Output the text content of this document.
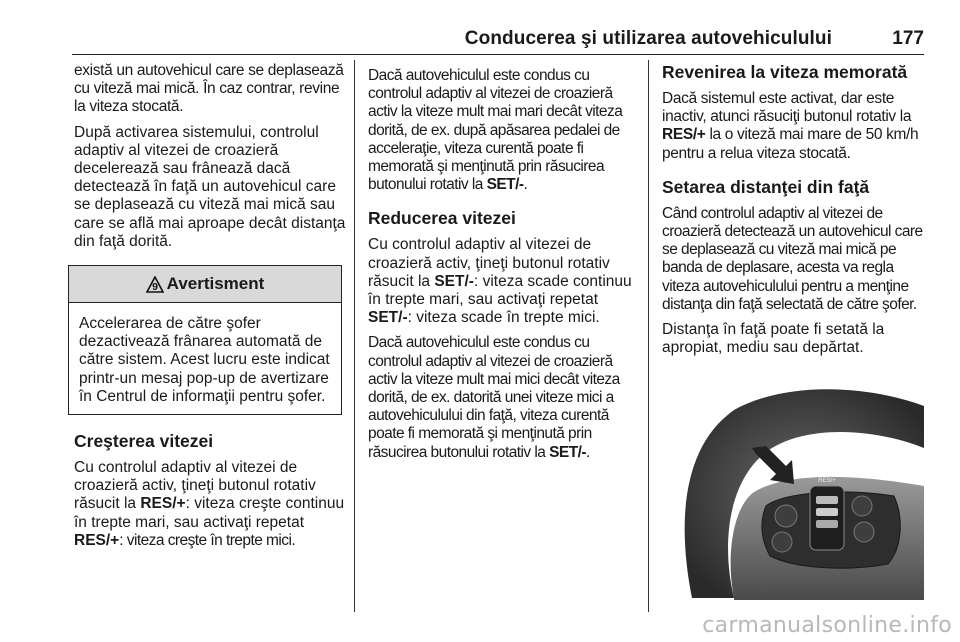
Conducerea şi utilizarea autovehiculului	177

există un autovehicul care se deplasează cu viteză mai mică. În caz contrar, revine la viteza stocată.

După activarea sistemului, controlul adaptiv al vitezei de croazieră decelerează sau frânează dacă detectează în faţă un autovehicul care se deplasează cu viteză mai mică sau care se află mai aproape decât distanţa din faţă dorită.

9 Avertisment
Accelerarea de către şofer dezactivează frânarea automată de către sistem. Acest lucru este indicat printr-un mesaj pop-up de avertizare în Centrul de informaţii pentru şofer.
Creşterea vitezei

Cu controlul adaptiv al vitezei de croazieră activ, ţineţi butonul rotativ răsucit la RES/+: viteza creşte continuu în trepte mari, sau activaţi repetat RES/+: viteza creşte în trepte mici.

Dacă autovehiculul este condus cu controlul adaptiv al vitezei de croazieră activ la viteze mult mai mari decât viteza dorită, de ex. după apăsarea pedalei de acceleraţie, viteza curentă poate fi memorată şi menţinută prin răsucirea butonului rotativ la SET/-.

Reducerea vitezei

Cu controlul adaptiv al vitezei de croazieră activ, ţineţi butonul rotativ răsucit la SET/-: viteza scade continuu în trepte mari, sau activaţi repetat SET/-: viteza scade în trepte mici.

Dacă autovehiculul este condus cu controlul adaptiv al vitezei de croazieră activ la viteze mult mai mici decât viteza dorită, de ex. datorită unei viteze mici a autovehiculului din faţă, viteza curentă poate fi memorată şi menţinută prin răsucirea butonului rotativ la SET/-.

Revenirea la viteza memorată

Dacă sistemul este activat, dar este inactiv, atunci răsuciţi butonul rotativ la RES/+ la o viteză mai mare de 50 km/h pentru a relua viteza stocată.

Setarea distanţei din faţă

Când controlul adaptiv al vitezei de croazieră detectează un autovehicul care se deplasează cu viteză mai mică pe banda de deplasare, acesta va regla viteza autovehiculului pentru a menţine distanţa din faţă selectată de către şofer.

Distanţa în faţă poate fi setată la apropiat, mediu sau depărtat.

RES/+
carmanualsonline.info
